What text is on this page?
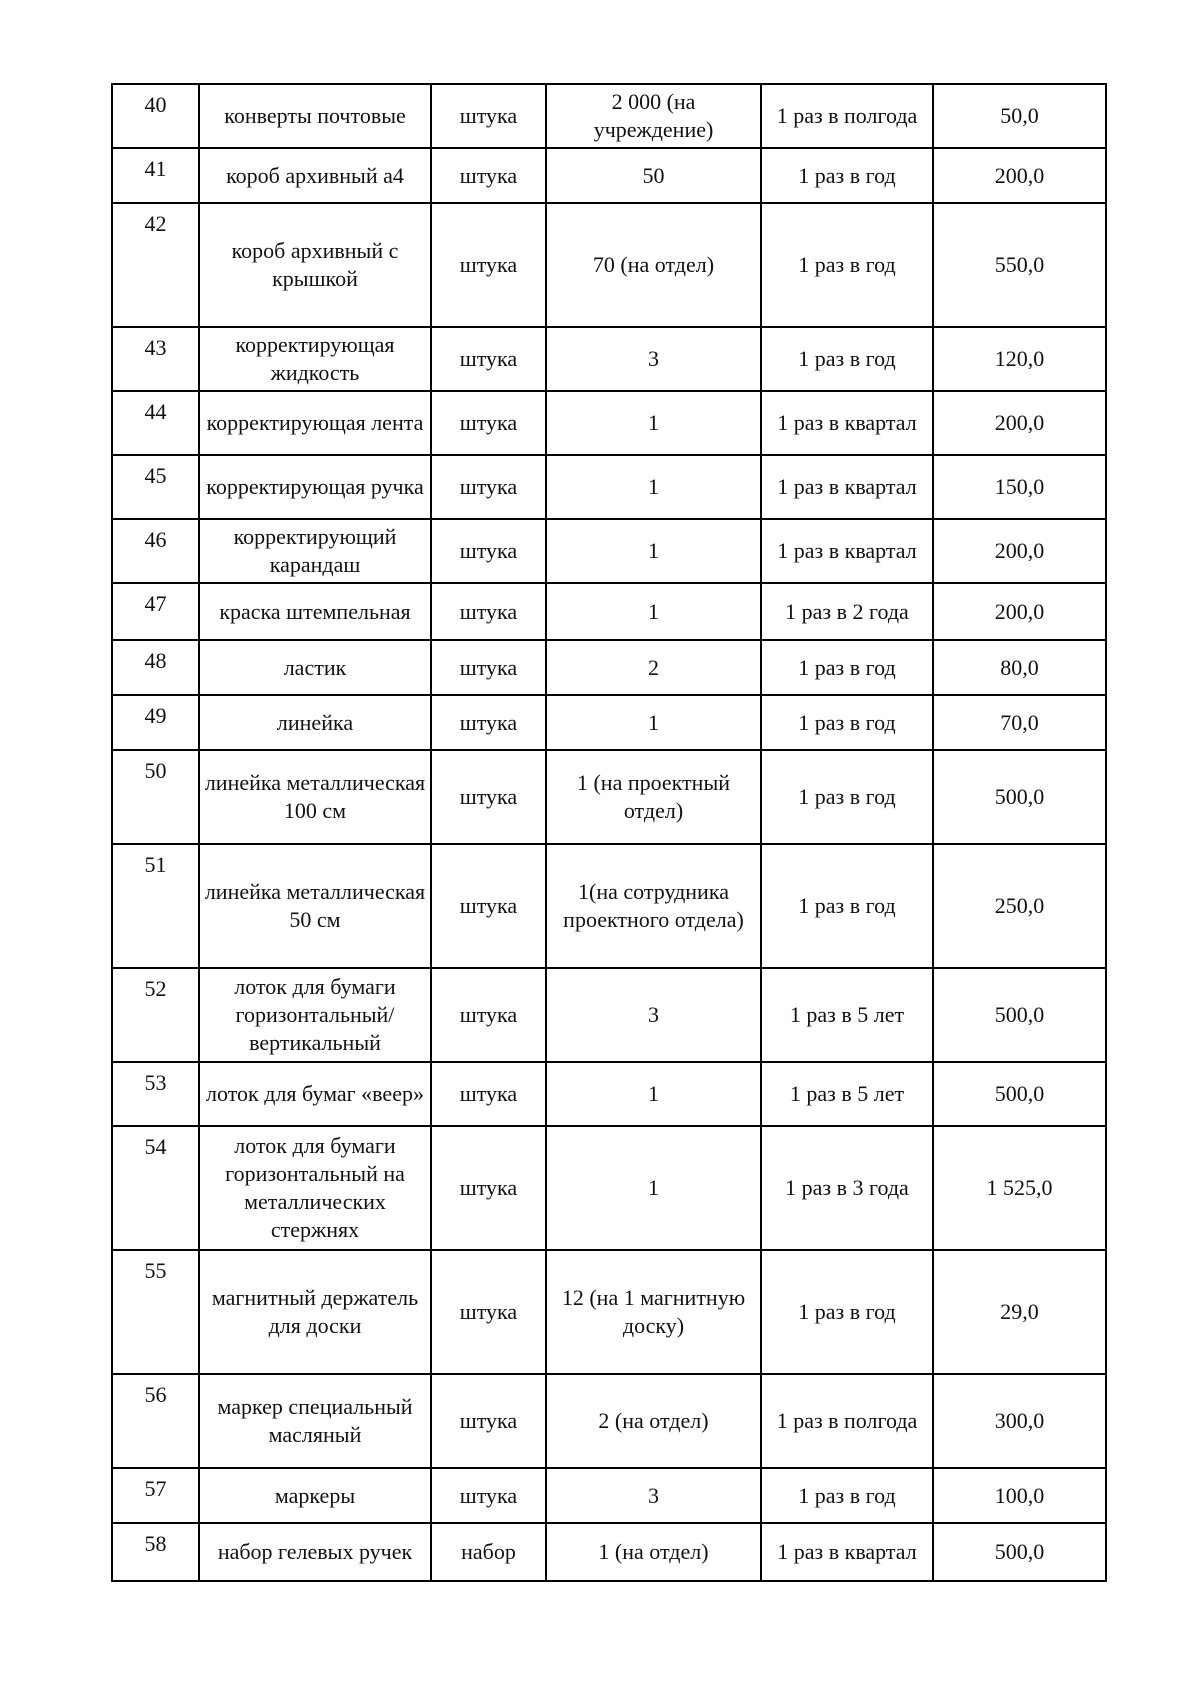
40	конверты почтовые	штука	2 000 (на учреждение)	1 раз в полгода	50,0
41	короб архивный а4	штука	50	1 раз в год	200,0
42	короб архивный с крышкой	штука	70 (на отдел)	1 раз в год	550,0
43	корректирующая жидкость	штука	3	1 раз в год	120,0
44	корректирующая лента	штука	1	1 раз в квартал	200,0
45	корректирующая ручка	штука	1	1 раз в квартал	150,0
46	корректирующий карандаш	штука	1	1 раз в квартал	200,0
47	краска штемпельная	штука	1	1 раз в 2 года	200,0
48	ластик	штука	2	1 раз в год	80,0
49	линейка	штука	1	1 раз в год	70,0
50	линейка металлическая 100 см	штука	1 (на проектный отдел)	1 раз в год	500,0
51	линейка металлическая 50 см	штука	1(на сотрудника проектного отдела)	1 раз в год	250,0
52	лоток для бумаги горизонтальный/вертикальный	штука	3	1 раз в 5 лет	500,0
53	лоток для бумаг «веер»	штука	1	1 раз в 5 лет	500,0
54	лоток для бумаги горизонтальный на металлических стержнях	штука	1	1 раз в 3 года	1 525,0
55	магнитный держатель для доски	штука	12 (на 1 магнитную доску)	1 раз в год	29,0
56	маркер специальный масляный	штука	2 (на отдел)	1 раз в полгода	300,0
57	маркеры	штука	3	1 раз в год	100,0
58	набор гелевых ручек	набор	1 (на отдел)	1 раз в квартал	500,0
